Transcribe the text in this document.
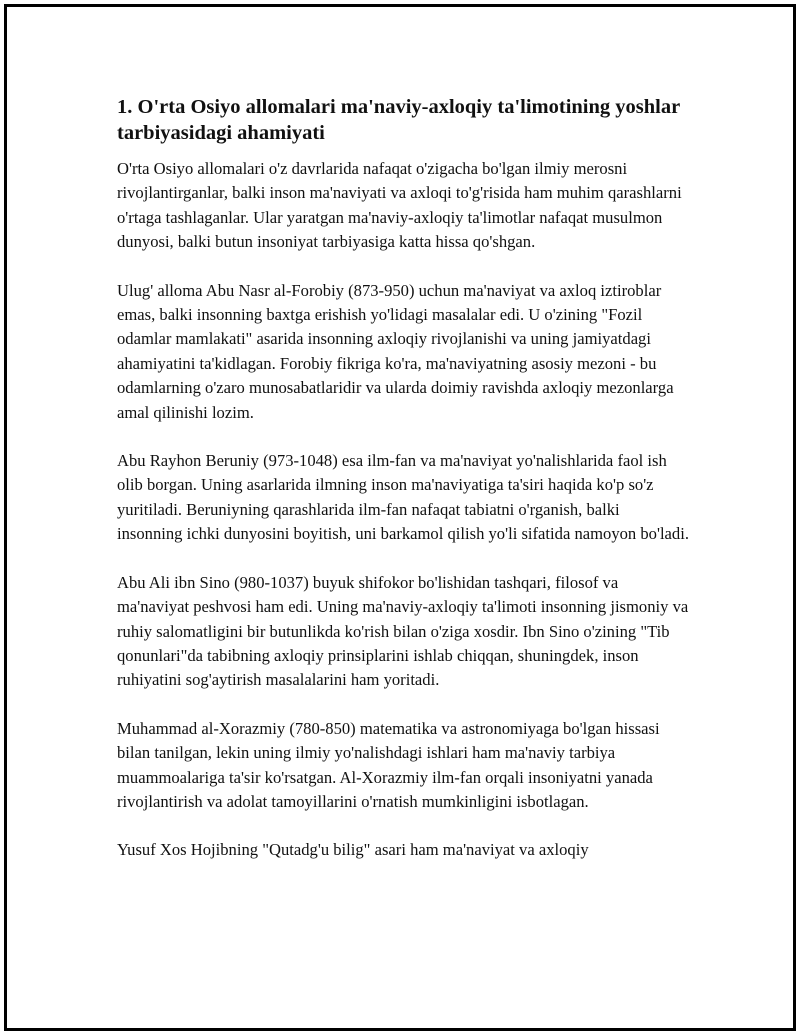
1. O'rta Osiyo allomalari ma'naviy-axloqiy ta'limotining yoshlar tarbiyasidagi ahamiyati

O'rta Osiyo allomalari o'z davrlarida nafaqat o'zigacha bo'lgan ilmiy merosni rivojlantirganlar, balki inson ma'naviyati va axloqi to'g'risida ham muhim qarashlarni o'rtaga tashlaganlar. Ular yaratgan ma'naviy-axloqiy ta'limotlar nafaqat musulmon dunyosi, balki butun insoniyat tarbiyasiga katta hissa qo'shgan.

Ulug' alloma Abu Nasr al-Forobiy (873-950) uchun ma'naviyat va axloq iztiroblar emas, balki insonning baxtga erishish yo'lidagi masalalar edi. U o'zining "Fozil odamlar mamlakati" asarida insonning axloqiy rivojlanishi va uning jamiyatdagi ahamiyatini ta'kidlagan. Forobiy fikriga ko'ra, ma'naviyatning asosiy mezoni - bu odamlarning o'zaro munosabatlaridir va ularda doimiy ravishda axloqiy mezonlarga amal qilinishi lozim.

Abu Rayhon Beruniy (973-1048) esa ilm-fan va ma'naviyat yo'nalishlarida faol ish olib borgan. Uning asarlarida ilmning inson ma'naviyatiga ta'siri haqida ko'p so'z yuritiladi. Beruniyning qarashlarida ilm-fan nafaqat tabiatni o'rganish, balki insonning ichki dunyosini boyitish, uni barkamol qilish yo'li sifatida namoyon bo'ladi.

Abu Ali ibn Sino (980-1037) buyuk shifokor bo'lishidan tashqari, filosof va ma'naviyat peshvosi ham edi. Uning ma'naviy-axloqiy ta'limoti insonning jismoniy va ruhiy salomatligini bir butunlikda ko'rish bilan o'ziga xosdir. Ibn Sino o'zining "Tib qonunlari"da tabibning axloqiy prinsiplarini ishlab chiqqan, shuningdek, inson ruhiyatini sog'aytirish masalalarini ham yoritadi.

Muhammad al-Xorazmiy (780-850) matematika va astronomiyaga bo'lgan hissasi bilan tanilgan, lekin uning ilmiy yo'nalishdagi ishlari ham ma'naviy tarbiya muammoalariga ta'sir ko'rsatgan. Al-Xorazmiy ilm-fan orqali insoniyatni yanada rivojlantirish va adolat tamoyillarini o'rnatish mumkinligini isbotlagan.

Yusuf Xos Hojibning "Qutadg'u bilig" asari ham ma'naviyat va axloqiy
